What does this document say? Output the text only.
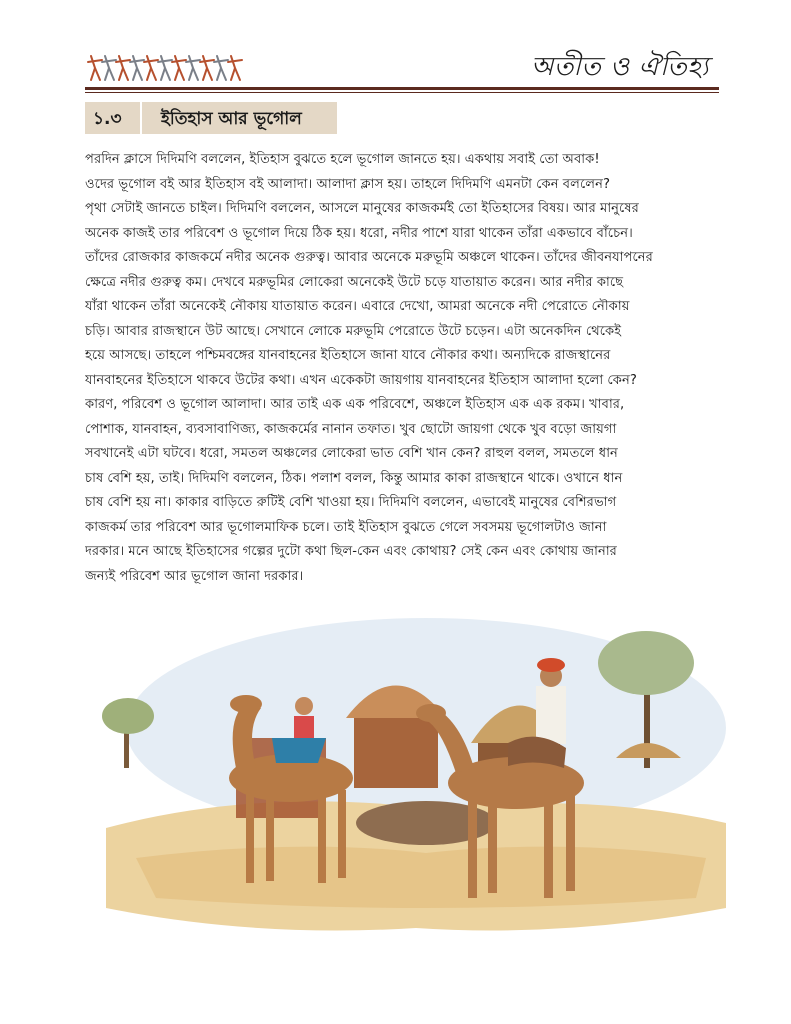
অতীত ও ঐতিহ্য
১.৩ ইতিহাস আর ভূগোল
পরদিন ক্লাসে দিদিমণি বললেন, ইতিহাস বুঝতে হলে ভূগোল জানতে হয়। একথায় সবাই তো অবাক!
ওদের ভূগোল বই আর ইতিহাস বই আলাদা। আলাদা ক্লাস হয়। তাহলে দিদিমণি এমনটা কেন বললেন?
পৃথা সেটাই জানতে চাইল। দিদিমণি বললেন, আসলে মানুষের কাজকর্মই তো ইতিহাসের বিষয়। আর মানুষের
অনেক কাজই তার পরিবেশ ও ভূগোল দিয়ে ঠিক হয়। ধরো, নদীর পাশে যারা থাকেন তাঁরা একভাবে বাঁচেন।
তাঁদের রোজকার কাজকর্মে নদীর অনেক গুরুত্ব। আবার অনেকে মরুভূমি অঞ্চলে থাকেন। তাঁদের জীবনযাপনের
ক্ষেত্রে নদীর গুরুত্ব কম। দেখবে মরুভূমির লোকেরা অনেকেই উটে চড়ে যাতায়াত করেন। আর নদীর কাছে
যাঁরা থাকেন তাঁরা অনেকেই নৌকায় যাতায়াত করেন। এবারে দেখো, আমরা অনেকে নদী পেরোতে নৌকায়
চড়ি। আবার রাজস্থানে উট আছে। সেখানে লোকে মরুভূমি পেরোতে উটে চড়েন। এটা অনেকদিন থেকেই
হয়ে আসছে। তাহলে পশ্চিমবঙ্গের যানবাহনের ইতিহাসে জানা যাবে নৌকার কথা। অন্যদিকে রাজস্থানের
যানবাহনের ইতিহাসে থাকবে উটের কথা। এখন একেকটা জায়গায় যানবাহনের ইতিহাস আলাদা হলো কেন?
কারণ, পরিবেশ ও ভূগোল আলাদা। আর তাই এক এক পরিবেশে, অঞ্চলে ইতিহাস এক এক রকম। খাবার,
পোশাক, যানবাহন, ব্যবসাবাণিজ্য, কাজকর্মের নানান তফাত। খুব ছোটো জায়গা থেকে খুব বড়ো জায়গা
সবখানেই এটা ঘটবে। ধরো, সমতল অঞ্চলের লোকেরা ভাত বেশি খান কেন? রাহুল বলল, সমতলে ধান
চাষ বেশি হয়, তাই। দিদিমণি বললেন, ঠিক। পলাশ বলল, কিন্তু আমার কাকা রাজস্থানে থাকে। ওখানে ধান
চাষ বেশি হয় না। কাকার বাড়িতে রুটিই বেশি খাওয়া হয়। দিদিমণি বললেন, এভাবেই মানুষের বেশিরভাগ
কাজকর্ম তার পরিবেশ আর ভূগোলমাফিক চলে। তাই ইতিহাস বুঝতে গেলে সবসময় ভূগোলটাও জানা
দরকার। মনে আছে ইতিহাসের গল্পের দুটো কথা ছিল-কেন এবং কোথায়? সেই কেন এবং কোথায় জানার
জন্যই পরিবেশ আর ভূগোল জানা দরকার।
